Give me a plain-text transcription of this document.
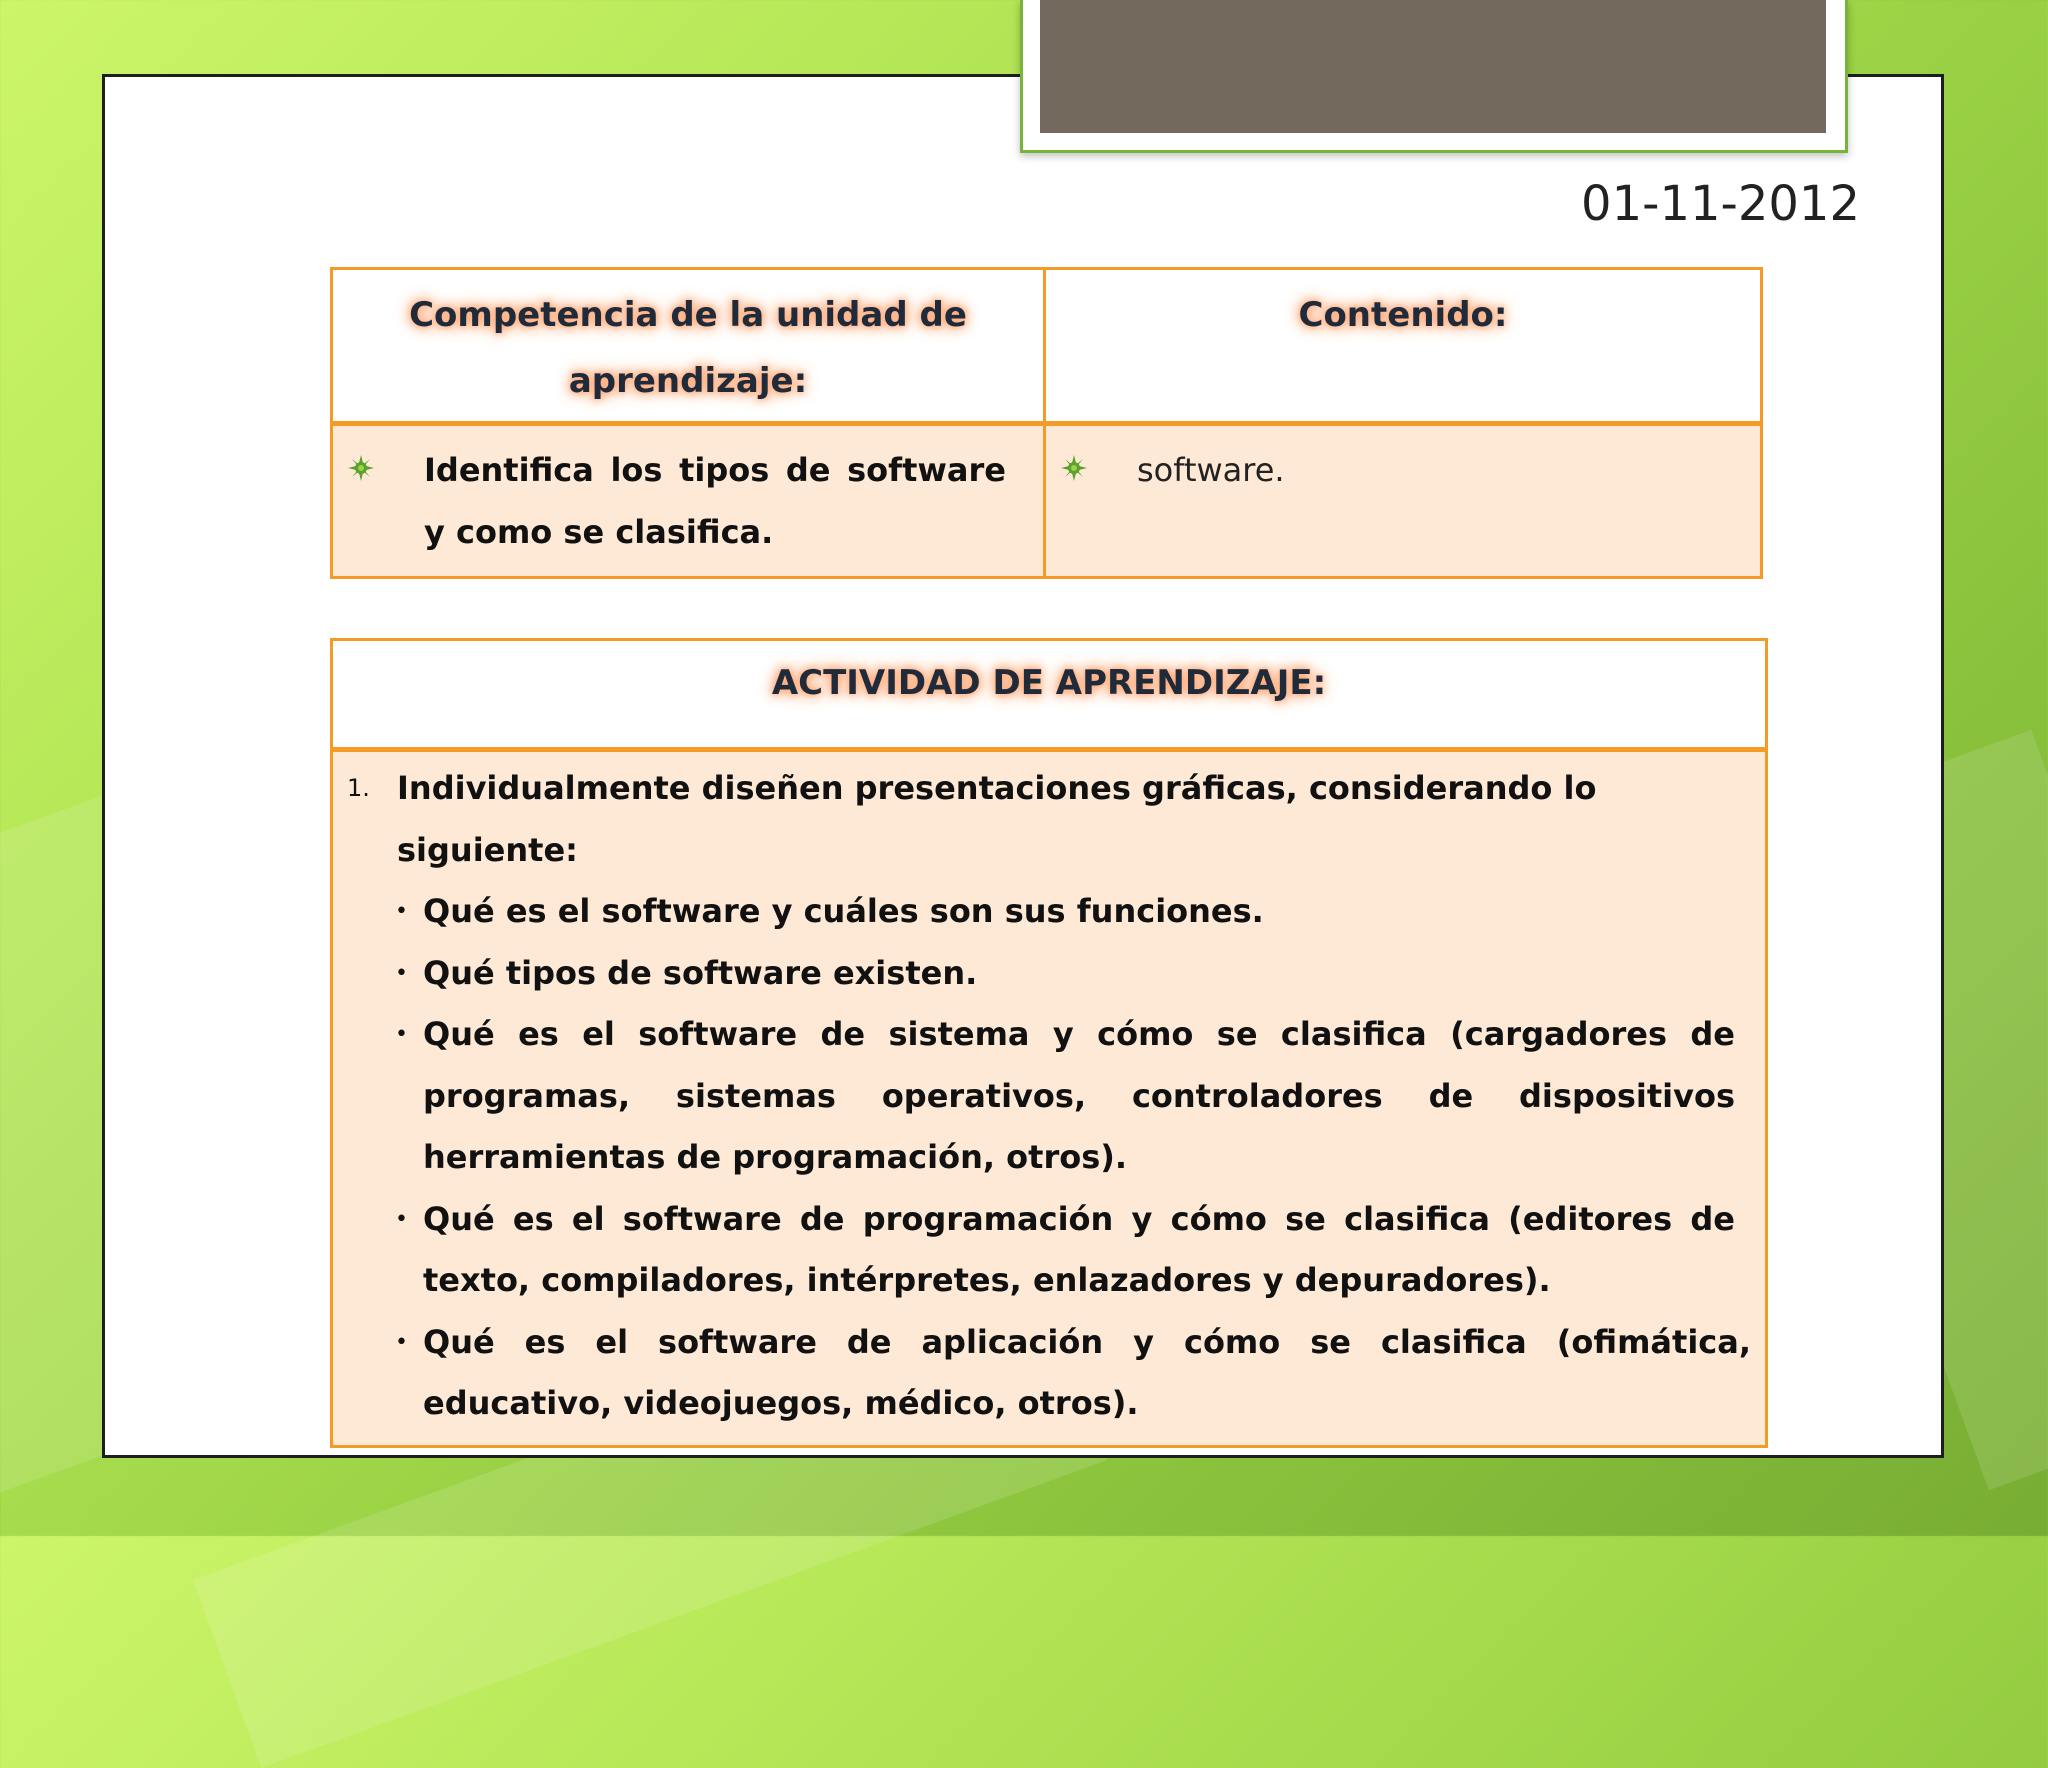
01-11-2012
Competencia de la unidad de aprendizaje:	Contenido:

Identifica los tipos de software y como se clasifica.	software.
ACTIVIDAD DE APRENDIZAJE:

1. Individualmente diseñen presentaciones gráficas, considerando lo siguiente:
• Qué es el software y cuáles son sus funciones.
• Qué tipos de software existen.
• Qué es el software de sistema y cómo se clasifica (cargadores de programas, sistemas operativos, controladores de dispositivos herramientas de programación, otros).
• Qué es el software de programación y cómo se clasifica (editores de texto, compiladores, intérpretes, enlazadores y depuradores).
• Qué es el software de aplicación y cómo se clasifica (ofimática, educativo, videojuegos, médico, otros).
